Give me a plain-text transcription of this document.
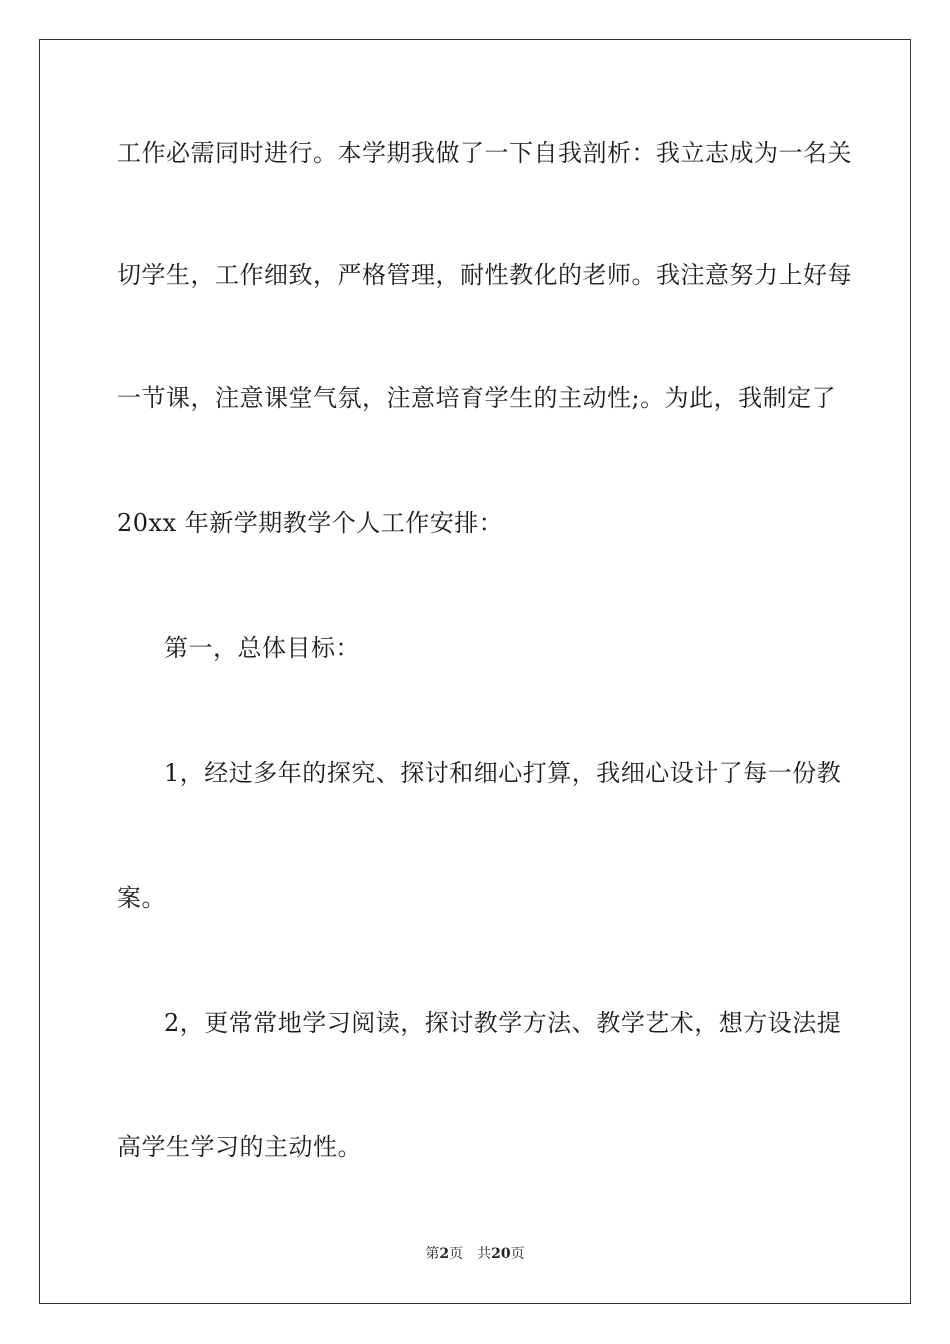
工作必需同时进行。本学期我做了一下自我剖析：我立志成为一名关
切学生，工作细致，严格管理，耐性教化的老师。我注意努力上好每
一节课，注意课堂气氛，注意培育学生的主动性;。为此，我制定了
20xx 年新学期教学个人工作安排：
第一，总体目标：
1，经过多年的探究、探讨和细心打算，我细心设计了每一份教
案。
2，更常常地学习阅读，探讨教学方法、教学艺术，想方设法提
高学生学习的主动性。
第2页 共20页
